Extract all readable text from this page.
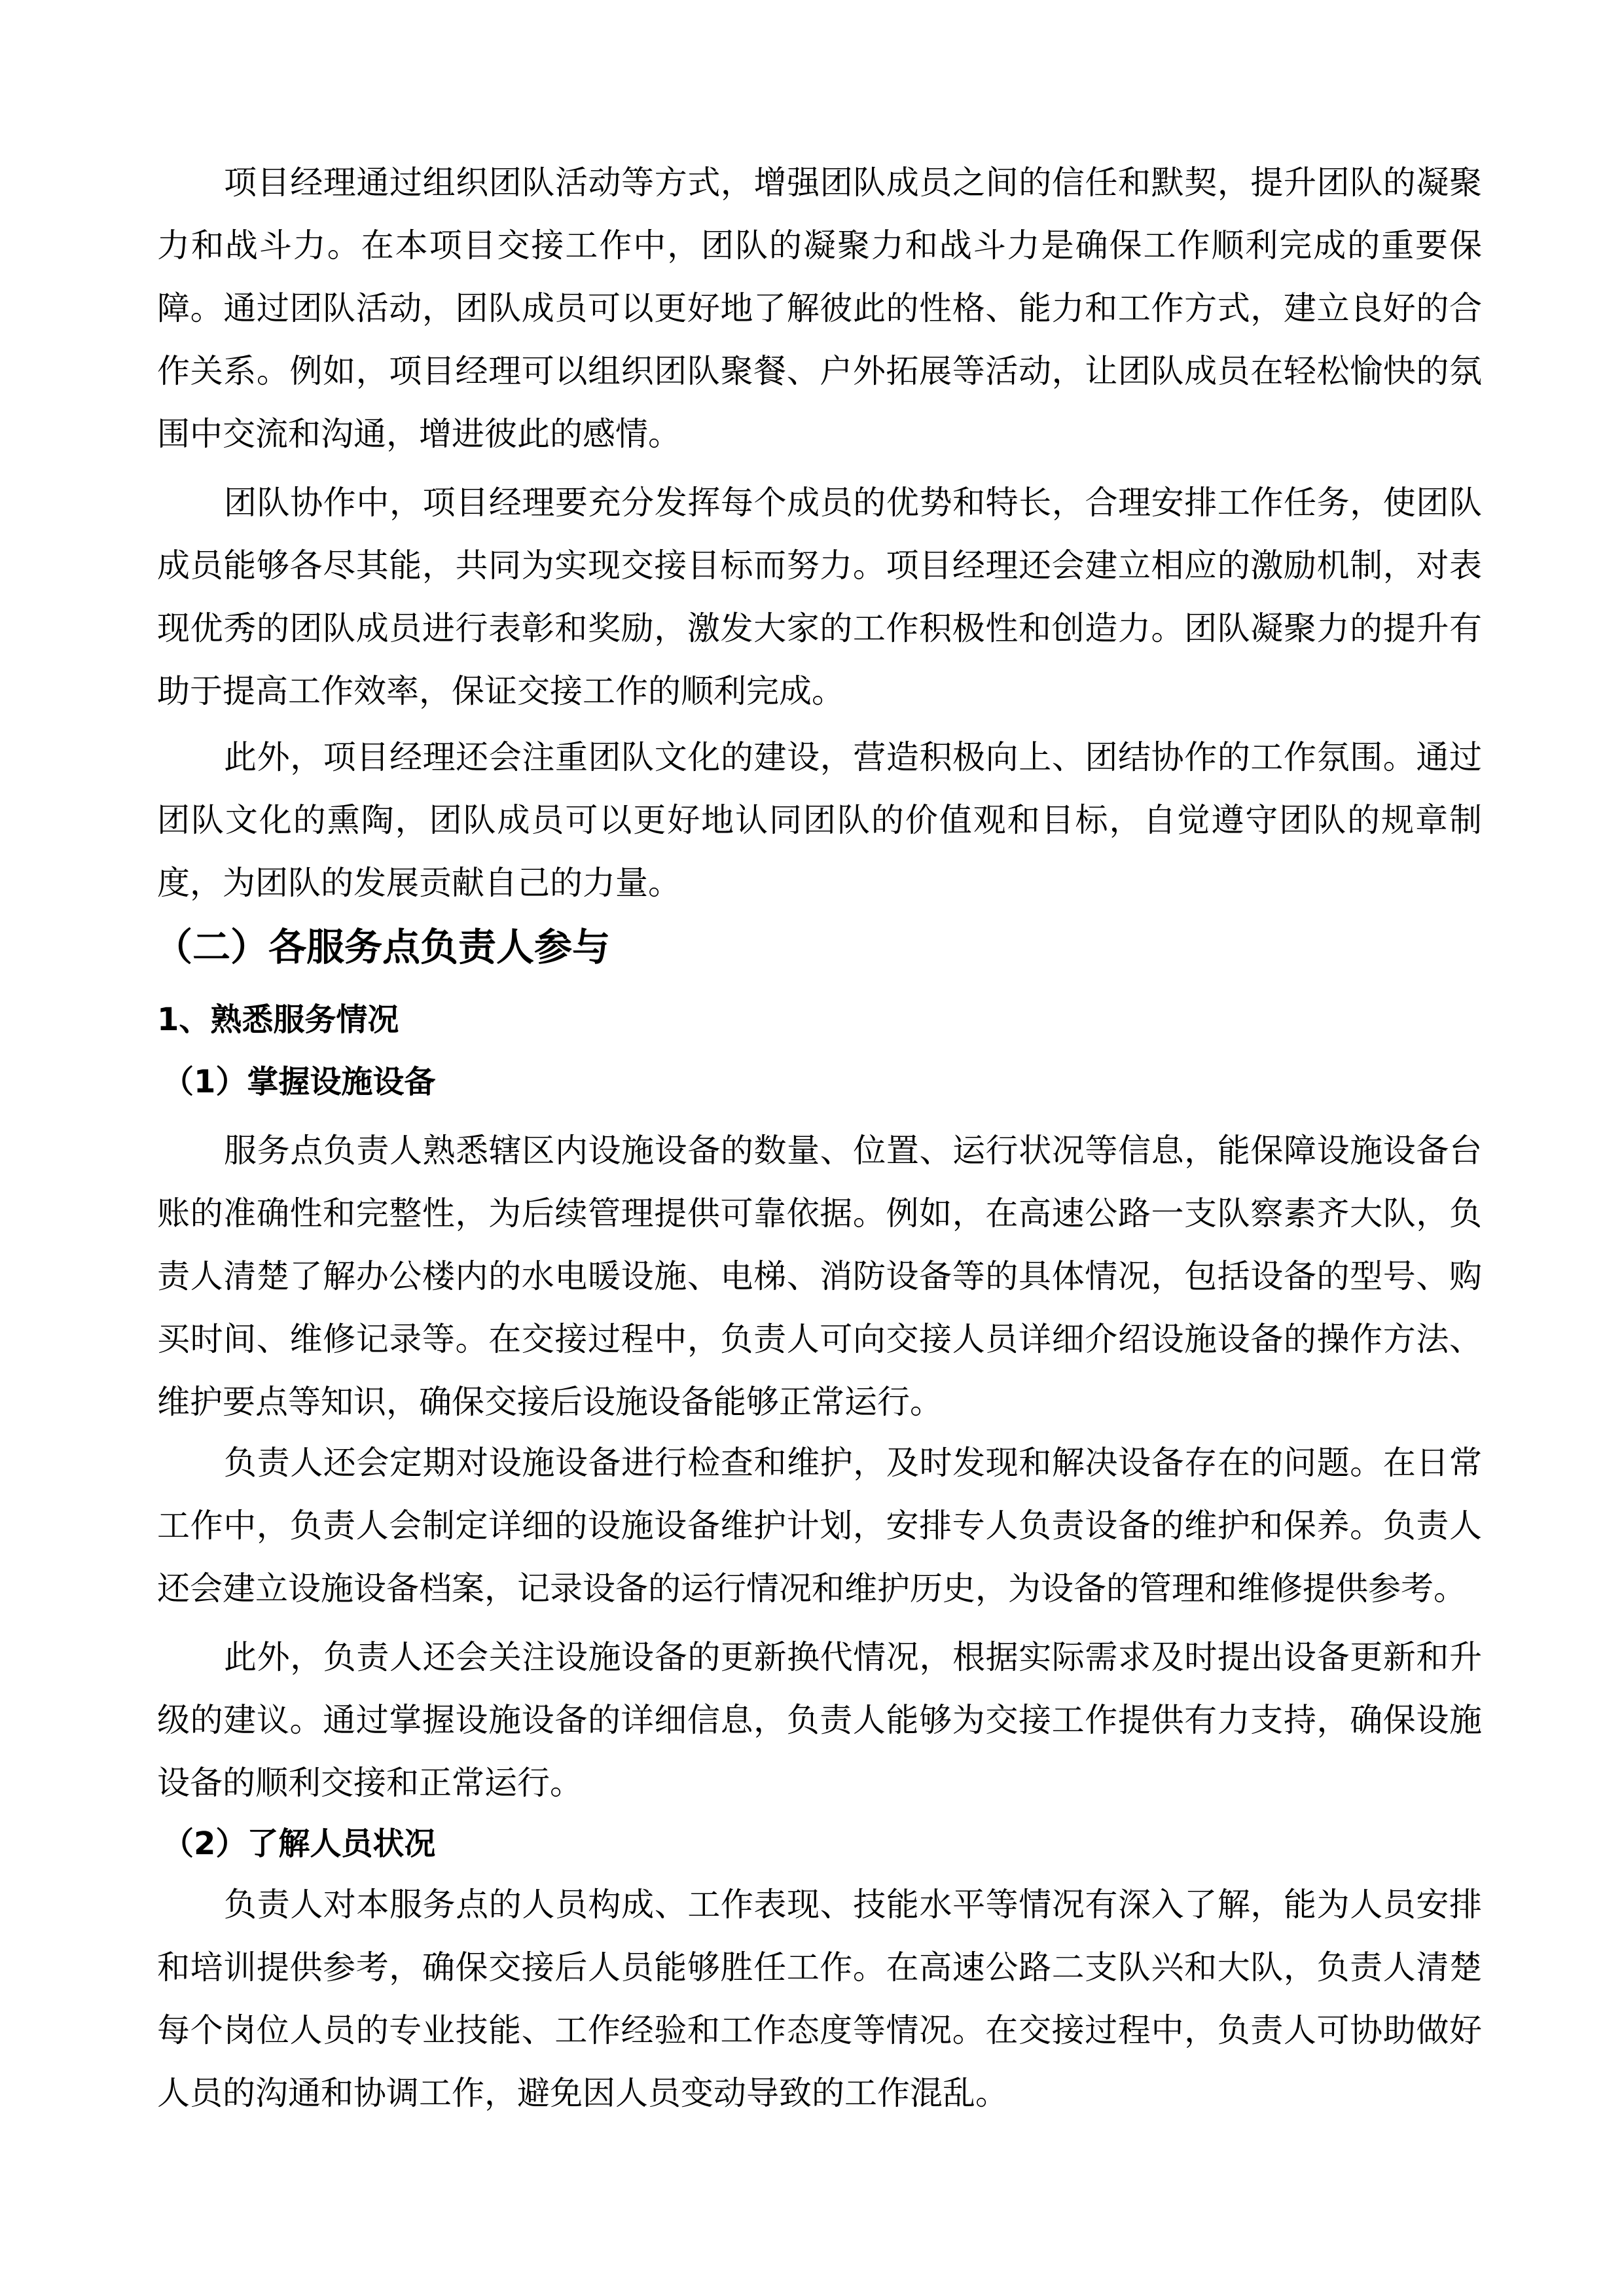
项目经理通过组织团队活动等方式，增强团队成员之间的信任和默契，提升团队的凝聚
力和战斗力。在本项目交接工作中，团队的凝聚力和战斗力是确保工作顺利完成的重要保
障。通过团队活动，团队成员可以更好地了解彼此的性格、能力和工作方式，建立良好的合
作关系。例如，项目经理可以组织团队聚餐、户外拓展等活动，让团队成员在轻松愉快的氛
围中交流和沟通，增进彼此的感情。
团队协作中，项目经理要充分发挥每个成员的优势和特长，合理安排工作任务，使团队
成员能够各尽其能，共同为实现交接目标而努力。项目经理还会建立相应的激励机制，对表
现优秀的团队成员进行表彰和奖励，激发大家的工作积极性和创造力。团队凝聚力的提升有
助于提高工作效率，保证交接工作的顺利完成。
此外，项目经理还会注重团队文化的建设，营造积极向上、团结协作的工作氛围。通过
团队文化的熏陶，团队成员可以更好地认同团队的价值观和目标，自觉遵守团队的规章制
度，为团队的发展贡献自己的力量。
（二）各服务点负责人参与
1、熟悉服务情况
（1）掌握设施设备
服务点负责人熟悉辖区内设施设备的数量、位置、运行状况等信息，能保障设施设备台
账的准确性和完整性，为后续管理提供可靠依据。例如，在高速公路一支队察素齐大队，负
责人清楚了解办公楼内的水电暖设施、电梯、消防设备等的具体情况，包括设备的型号、购
买时间、维修记录等。在交接过程中，负责人可向交接人员详细介绍设施设备的操作方法、
维护要点等知识，确保交接后设施设备能够正常运行。
负责人还会定期对设施设备进行检查和维护，及时发现和解决设备存在的问题。在日常
工作中，负责人会制定详细的设施设备维护计划，安排专人负责设备的维护和保养。负责人
还会建立设施设备档案，记录设备的运行情况和维护历史，为设备的管理和维修提供参考。
此外，负责人还会关注设施设备的更新换代情况，根据实际需求及时提出设备更新和升
级的建议。通过掌握设施设备的详细信息，负责人能够为交接工作提供有力支持，确保设施
设备的顺利交接和正常运行。
（2）了解人员状况
负责人对本服务点的人员构成、工作表现、技能水平等情况有深入了解，能为人员安排
和培训提供参考，确保交接后人员能够胜任工作。在高速公路二支队兴和大队，负责人清楚
每个岗位人员的专业技能、工作经验和工作态度等情况。在交接过程中，负责人可协助做好
人员的沟通和协调工作，避免因人员变动导致的工作混乱。
